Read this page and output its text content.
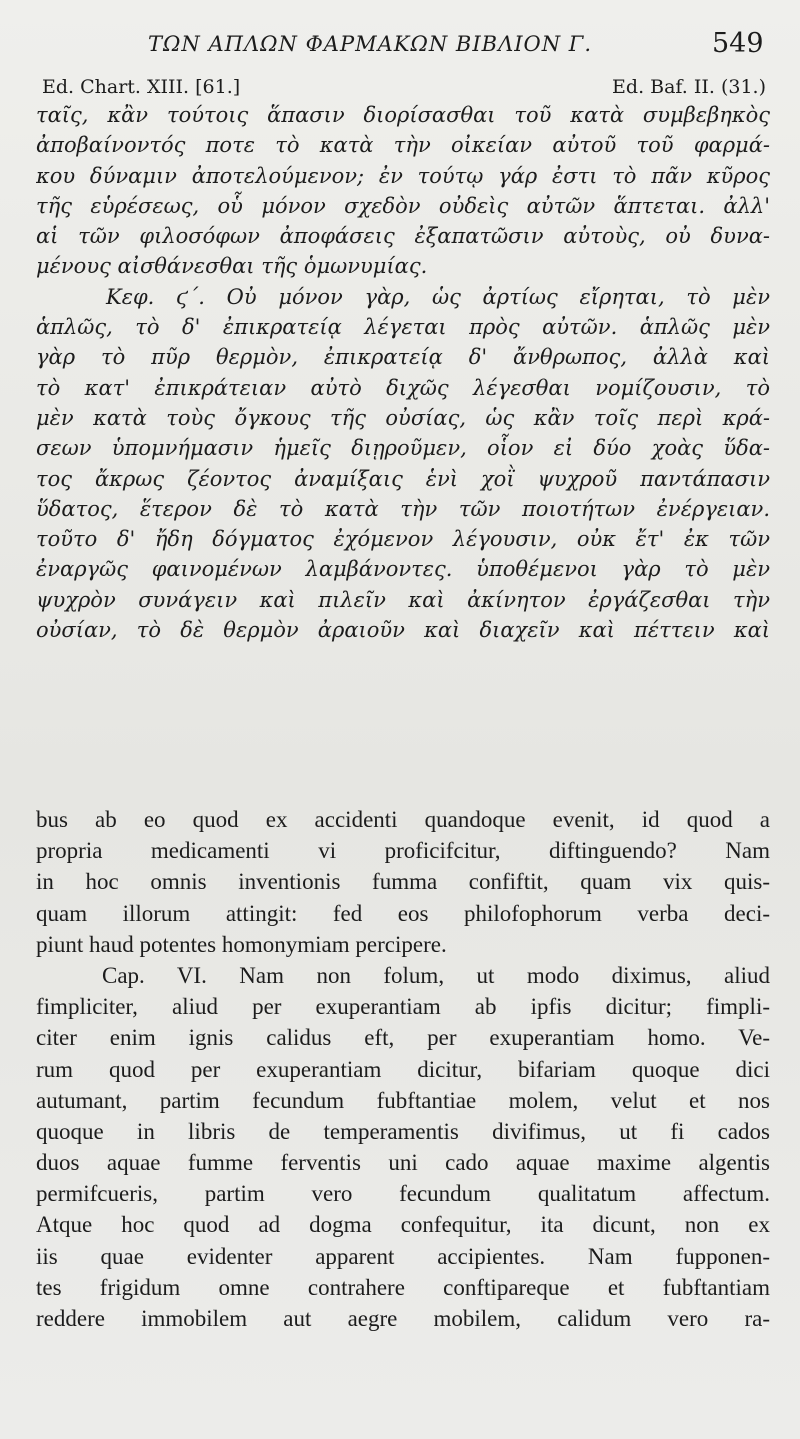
ΤΩΝ ΑΠΛΩΝ ΦΑΡΜΑΚΩΝ ΒΙΒΛΙΟΝ Γ.	549
Ed. Chart. XIII. [61.]	Ed. Baf. II. (31.)
ταῖς, κἂν τούτοις ἅπασιν διορίσασθαι τοῦ κατὰ συμβεβηκὸς
ἀποβαίνοντός ποτε τὸ κατὰ τὴν οἰκείαν αὐτοῦ τοῦ φαρμά-
κου δύναμιν ἀποτελούμενον; ἐν τούτῳ γάρ ἐστι τὸ πᾶν κῦρος
τῆς εὑρέσεως, οὗ μόνον σχεδὸν οὐδεὶς αὐτῶν ἅπτεται. ἀλλ'
αἱ τῶν φιλοσόφων ἀποφάσεις ἐξαπατῶσιν αὐτοὺς, οὐ δυνα-
μένους αἰσθάνεσθαι τῆς ὁμωνυμίας.
Κεφ. ϛ΄. Οὐ μόνον γὰρ, ὡς ἀρτίως εἴρηται, τὸ μὲν
ἁπλῶς, τὸ δ' ἐπικρατείᾳ λέγεται πρὸς αὐτῶν. ἁπλῶς μὲν
γὰρ τὸ πῦρ θερμὸν, ἐπικρατείᾳ δ' ἄνθρωπος, ἀλλὰ καὶ
τὸ κατ' ἐπικράτειαν αὐτὸ διχῶς λέγεσθαι νομίζουσιν, τὸ
μὲν κατὰ τοὺς ὄγκους τῆς οὐσίας, ὡς κἂν τοῖς περὶ κρά-
σεων ὑπομνήμασιν ἡμεῖς διῃροῦμεν, οἷον εἰ δύο χοὰς ὕδα-
τος ἄκρως ζέοντος ἀναμίξαις ἑνὶ χοῒ ψυχροῦ παντάπασιν
ὕδατος, ἕτερον δὲ τὸ κατὰ τὴν τῶν ποιοτήτων ἐνέργειαν.
τοῦτο δ' ἤδη δόγματος ἐχόμενον λέγουσιν, οὐκ ἔτ' ἐκ τῶν
ἐναργῶς φαινομένων λαμβάνοντες. ὑποθέμενοι γὰρ τὸ μὲν
ψυχρὸν συνάγειν καὶ πιλεῖν καὶ ἀκίνητον ἐργάζεσθαι τὴν
οὐσίαν, τὸ δὲ θερμὸν ἀραιοῦν καὶ διαχεῖν καὶ πέττειν καὶ
bus ab eo quod ex accidenti quandoque evenit, id quod a
propria medicamenti vi proficifcitur, diftinguendo? Nam
in hoc omnis inventionis fumma confiftit, quam vix quis-
quam illorum attingit: fed eos philofophorum verba deci-
piunt haud potentes homonymiam percipere.
Cap. VI. Nam non folum, ut modo diximus, aliud
fimpliciter, aliud per exuperantiam ab ipfis dicitur; fimpli-
citer enim ignis calidus eft, per exuperantiam homo. Ve-
rum quod per exuperantiam dicitur, bifariam quoque dici
autumant, partim fecundum fubftantiae molem, velut et nos
quoque in libris de temperamentis divifimus, ut fi cados
duos aquae fumme ferventis uni cado aquae maxime algentis
permifcueris, partim vero fecundum qualitatum affectum.
Atque hoc quod ad dogma confequitur, ita dicunt, non ex
iis quae evidenter apparent accipientes. Nam fupponen-
tes frigidum omne contrahere conftipareque et fubftantiam
reddere immobilem aut aegre mobilem, calidum vero ra-
